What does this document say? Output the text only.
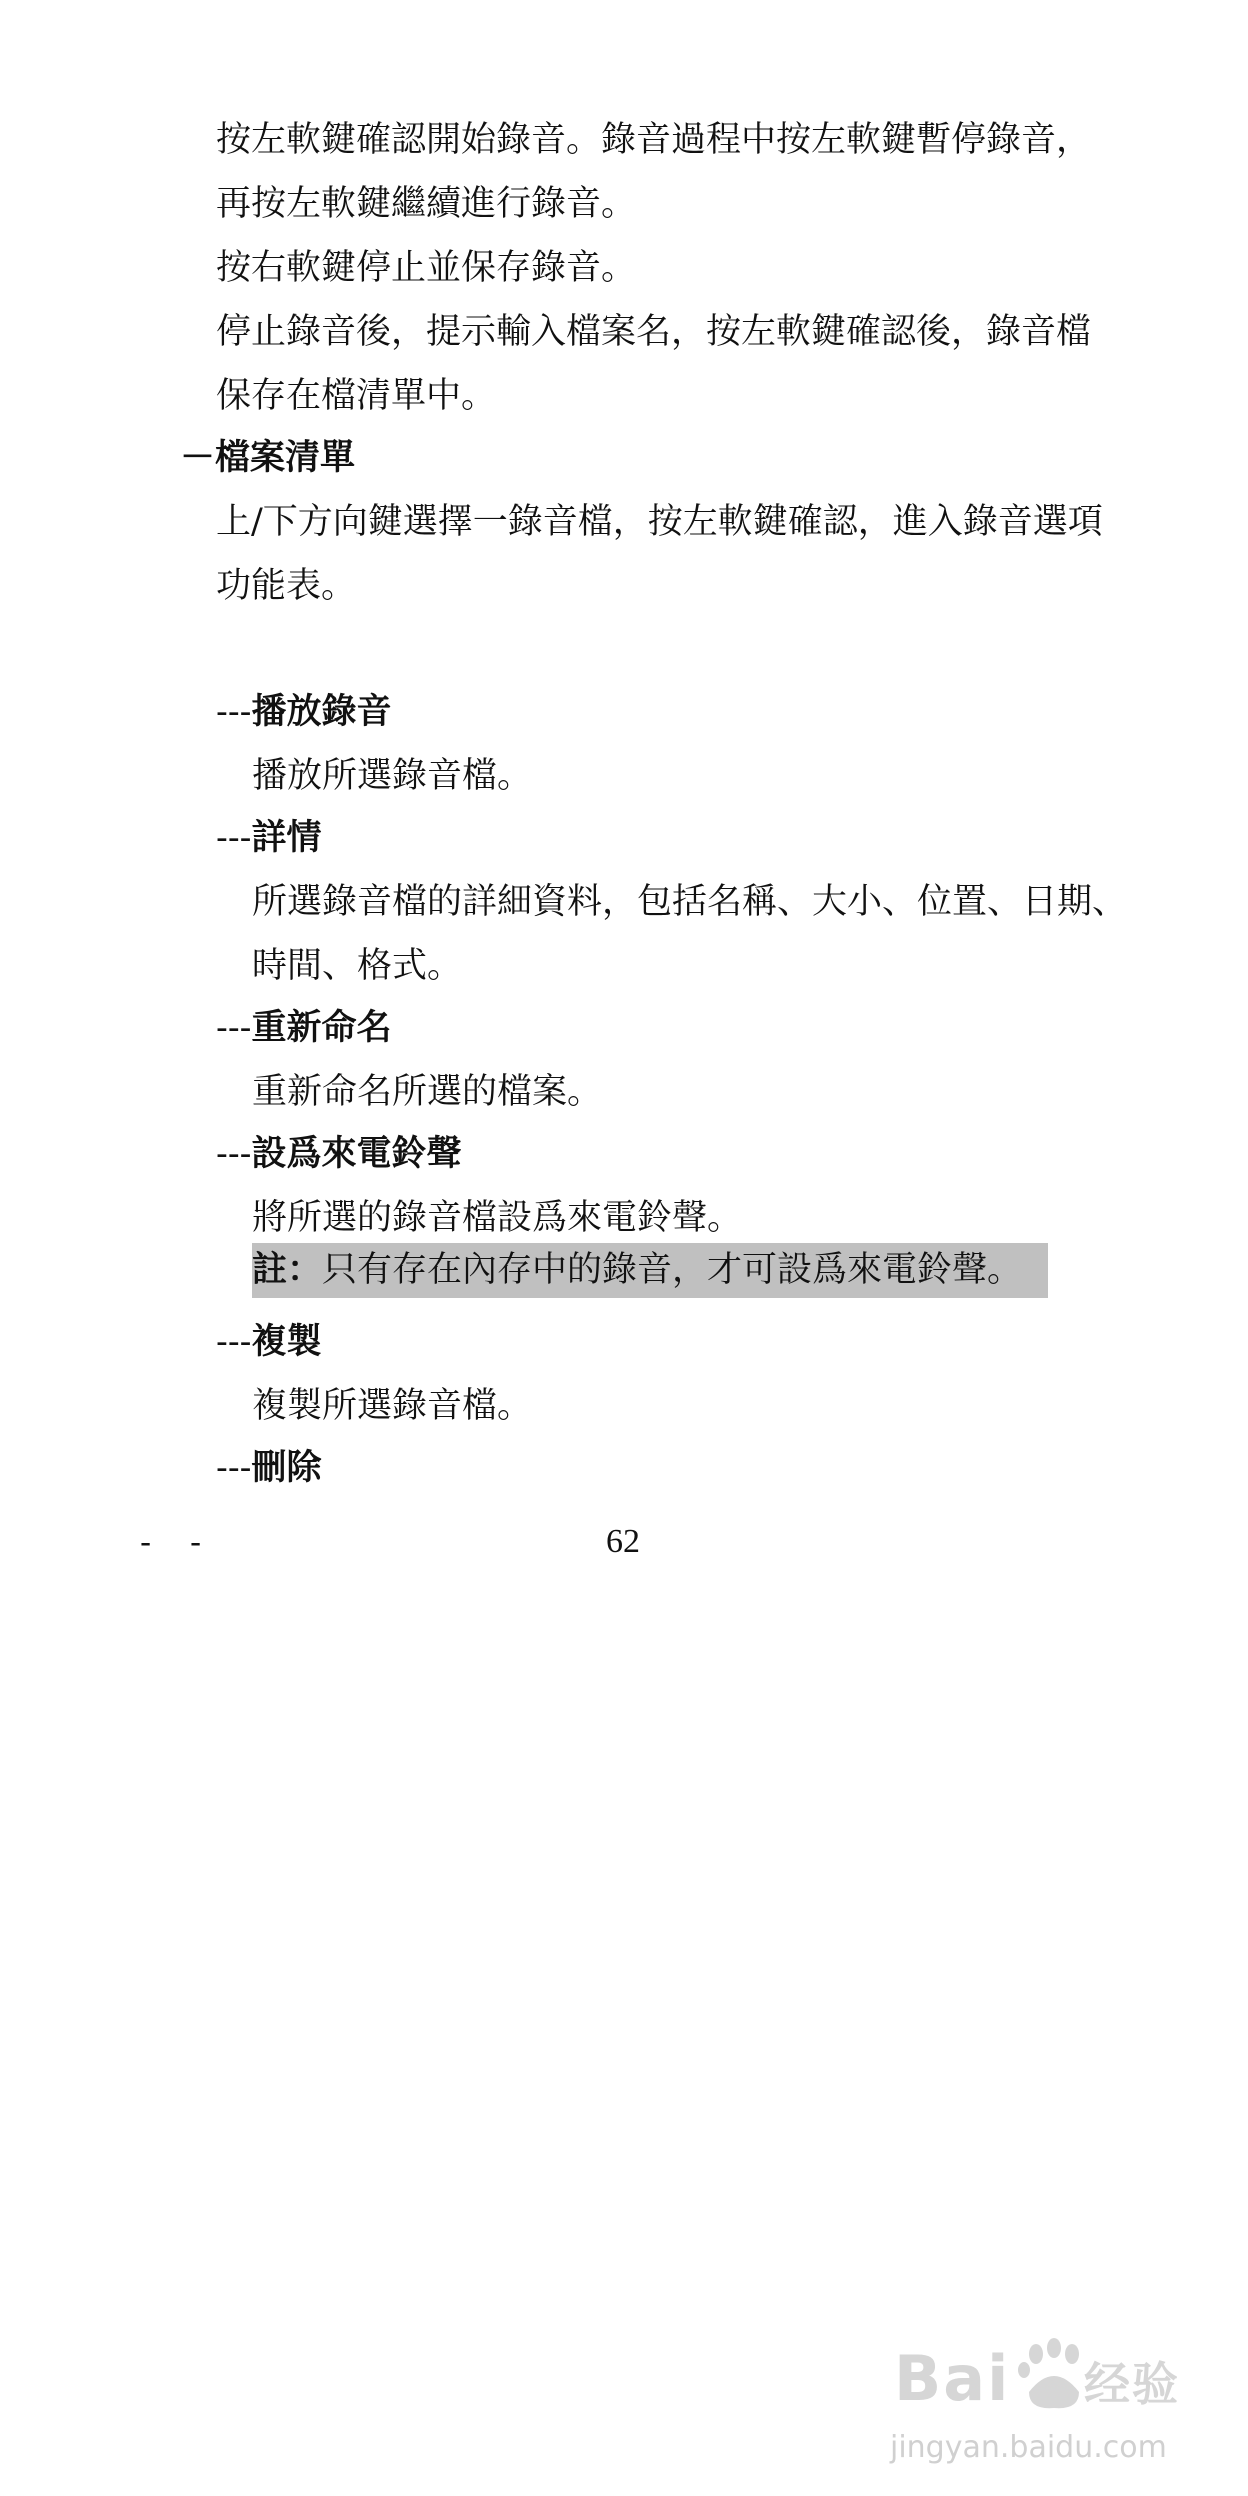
按左軟鍵確認開始錄音。錄音過程中按左軟鍵暫停錄音，
再按左軟鍵繼續進行錄音。
按右軟鍵停止並保存錄音。
停止錄音後，提示輸入檔案名，按左軟鍵確認後，錄音檔
保存在檔清單中。
－檔案清單
上/下方向鍵選擇一錄音檔，按左軟鍵確認，進入錄音選項
功能表。
---播放錄音
播放所選錄音檔。
---詳情
所選錄音檔的詳細資料，包括名稱、大小、位置、日期、
時間、格式。
---重新命名
重新命名所選的檔案。
---設爲來電鈴聲
將所選的錄音檔設爲來電鈴聲。
註：只有存在內存中的錄音，才可設爲來電鈴聲。
---複製
複製所選錄音檔。
---刪除
- -	62
Bai 经验
jingyan.baidu.com
